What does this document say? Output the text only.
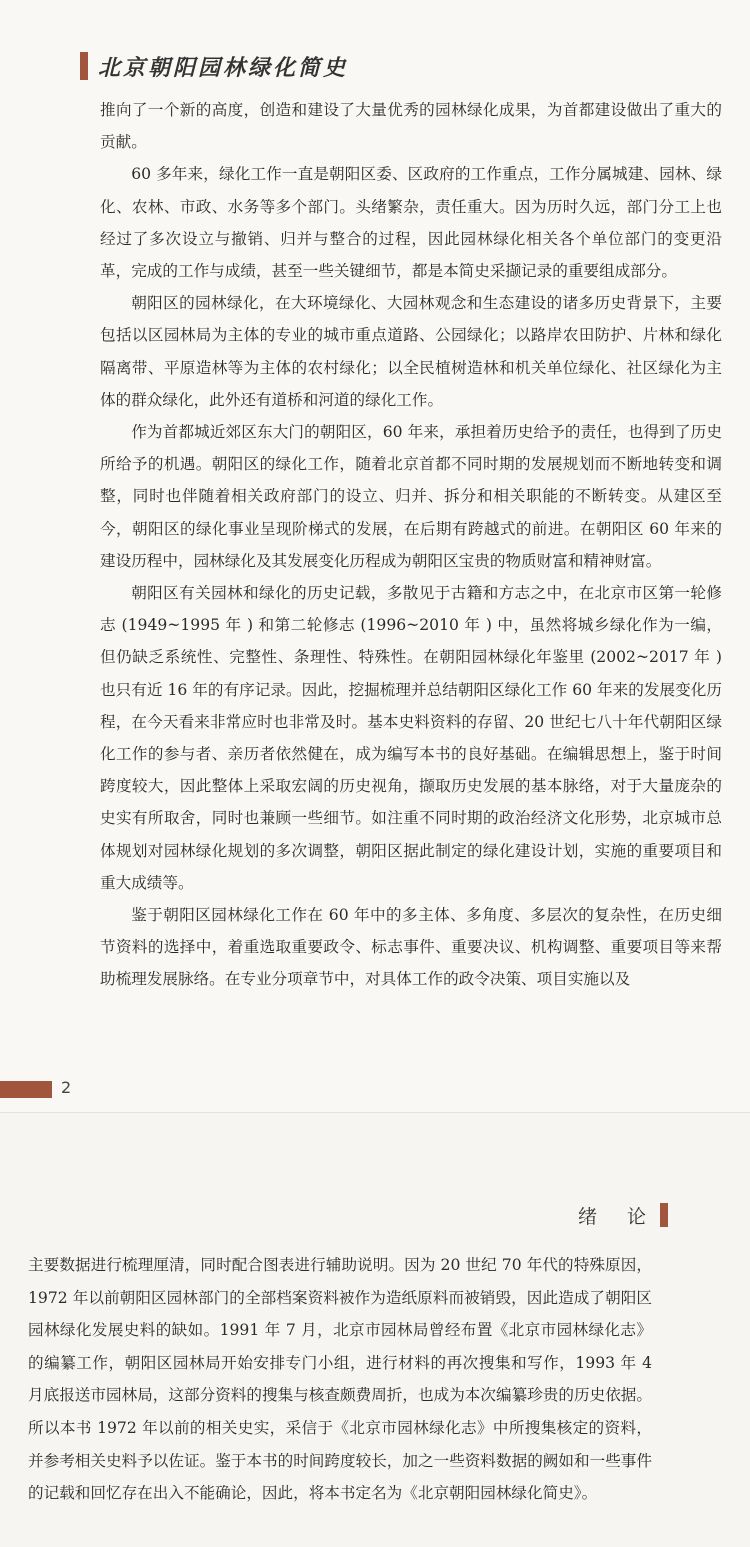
北京朝阳园林绿化简史

推向了一个新的高度，创造和建设了大量优秀的园林绿化成果，为首都建设做出了重大的贡献。

60 多年来，绿化工作一直是朝阳区委、区政府的工作重点，工作分属城建、园林、绿化、农林、市政、水务等多个部门。头绪繁杂，责任重大。因为历时久远，部门分工上也经过了多次设立与撤销、归并与整合的过程，因此园林绿化相关各个单位部门的变更沿革，完成的工作与成绩，甚至一些关键细节，都是本简史采撷记录的重要组成部分。

朝阳区的园林绿化，在大环境绿化、大园林观念和生态建设的诸多历史背景下，主要包括以区园林局为主体的专业的城市重点道路、公园绿化；以路岸农田防护、片林和绿化隔离带、平原造林等为主体的农村绿化；以全民植树造林和机关单位绿化、社区绿化为主体的群众绿化，此外还有道桥和河道的绿化工作。

作为首都城近郊区东大门的朝阳区，60 年来，承担着历史给予的责任，也得到了历史所给予的机遇。朝阳区的绿化工作，随着北京首都不同时期的发展规划而不断地转变和调整，同时也伴随着相关政府部门的设立、归并、拆分和相关职能的不断转变。从建区至今，朝阳区的绿化事业呈现阶梯式的发展，在后期有跨越式的前进。在朝阳区 60 年来的建设历程中，园林绿化及其发展变化历程成为朝阳区宝贵的物质财富和精神财富。

朝阳区有关园林和绿化的历史记载，多散见于古籍和方志之中，在北京市区第一轮修志 (1949~1995 年 ) 和第二轮修志 (1996~2010 年 ) 中，虽然将城乡绿化作为一编，但仍缺乏系统性、完整性、条理性、特殊性。在朝阳园林绿化年鉴里 (2002~2017 年 ) 也只有近 16 年的有序记录。因此，挖掘梳理并总结朝阳区绿化工作 60 年来的发展变化历程，在今天看来非常应时也非常及时。基本史料资料的存留、20 世纪七八十年代朝阳区绿化工作的参与者、亲历者依然健在，成为编写本书的良好基础。在编辑思想上，鉴于时间跨度较大，因此整体上采取宏阔的历史视角，撷取历史发展的基本脉络，对于大量庞杂的史实有所取舍，同时也兼顾一些细节。如注重不同时期的政治经济文化形势，北京城市总体规划对园林绿化规划的多次调整，朝阳区据此制定的绿化建设计划，实施的重要项目和重大成绩等。

鉴于朝阳区园林绿化工作在 60 年中的多主体、多角度、多层次的复杂性，在历史细节资料的选择中，着重选取重要政令、标志事件、重要决议、机构调整、重要项目等来帮助梳理发展脉络。在专业分项章节中，对具体工作的政令决策、项目实施以及

2
绪 论

主要数据进行梳理厘清，同时配合图表进行辅助说明。因为 20 世纪 70 年代的特殊原因，1972 年以前朝阳区园林部门的全部档案资料被作为造纸原料而被销毁，因此造成了朝阳区园林绿化发展史料的缺如。1991 年 7 月，北京市园林局曾经布置《北京市园林绿化志》的编纂工作，朝阳区园林局开始安排专门小组，进行材料的再次搜集和写作，1993 年 4 月底报送市园林局，这部分资料的搜集与核查颇费周折，也成为本次编纂珍贵的历史依据。所以本书 1972 年以前的相关史实，采信于《北京市园林绿化志》中所搜集核定的资料，并参考相关史料予以佐证。鉴于本书的时间跨度较长，加之一些资料数据的阙如和一些事件的记载和回忆存在出入不能确论，因此，将本书定名为《北京朝阳园林绿化简史》。
